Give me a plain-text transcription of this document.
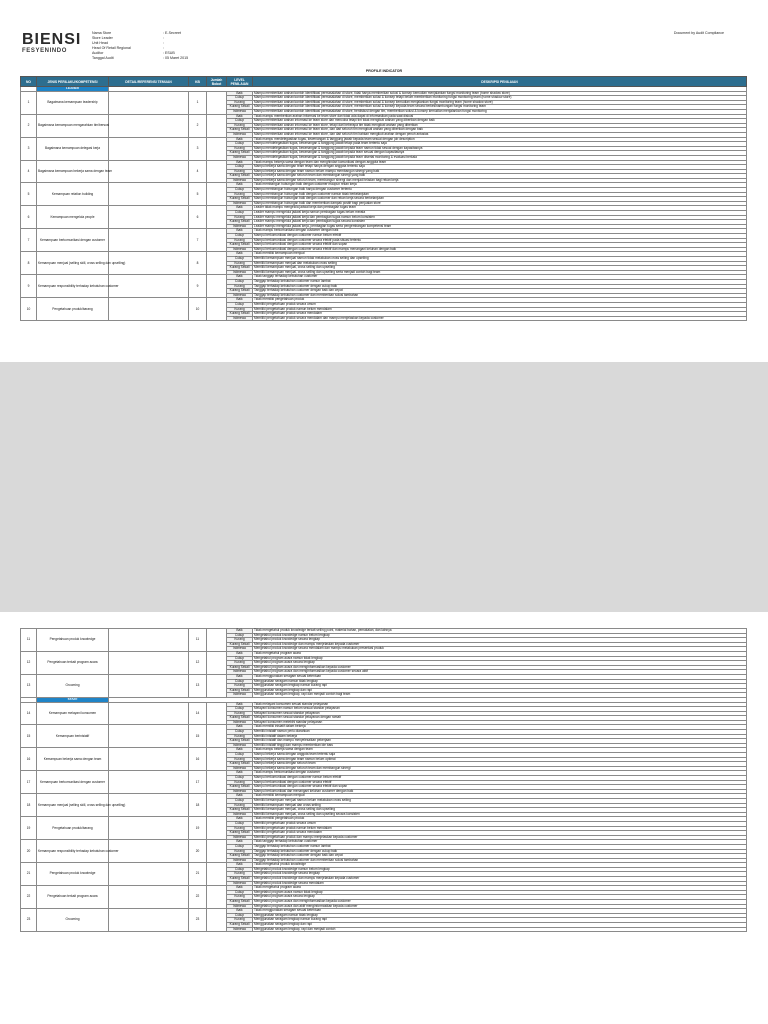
BIENSI
FESYENINDO
Nama Store
Store Leader
Unit Head
Head Of Retail Regional
Auditor
Tanggal Audit
: E-Secreet
:
:
:
: ESUB
: 05 Maret 2015
Document by Audit Compliance
PROFILE INDICATOR
NO	JENIS PERILAKU/KOMPETENSI	DETAIL/REFERENSI TEMUAN	KB	Jumlah Bobot	LEVEL PENILAIAN	DESKRIPSI PENILAIAN
	LEADER					
1	Bagaimana kemampuan leadership		1		Baik	Mampu memberikan arahan/contoh identifikasi permasalahan di store, tidak hanya memberikan solusi & konsep kemudian menjalankan fungsi monitoring team (home shadow store)
					Cukup	Mampu memberikan arahan/contoh identifikasi permasalahan di store, memberikan solusi & konsep tetapi belum memberikan monitoring fungsi monitoring team (home shadow store)
					Kurang	Mampu memberikan arahan/contoh identifikasi permasalahan di store, memberikan solusi & konsep kemudian menjalankan fungsi monitoring team (home shadow store)
					Kurang Sekali	Mampu memberikan arahan/contoh identifikasi permasalahan di store, memberikan solusi & konsep kepada team secara berkesinambungan fungsi monitoring team
					Istimewa	Mampu memberikan arahan/contoh identifikasi permasalahan di store, berdiskusi dengan tim, memberikan solusi & konsep kemudian menjalankan fungsi monitoring
2	Bagaimana kemampuan mengarahkan tim/bersosi		2		Baik	Tidak mampu memberikan arahan informasi ke team store dan tidak ada dapat di informasikan pada saat diskusi
					Cukup	Mampu memberikan arahan informasi ke team store dan mencoba tetapi tim tidak mengikuti arahan yang diberikan dengan baik
					Kurang	Mampu memberikan arahan informasi ke team store, tetapi dari beberapa tim tidak mengikuti arahan yang diberikan
					Kurang Sekali	Mampu memberikan arahan informasi ke team store, dan dari seluruh tim mengikuti arahan yang diberikan dengan baik
					Istimewa	Mampu memberikan arahan informasi ke team store, dan dari seluruh tim bahkan mengikuti arahan dengan penuh antusias
3	Bagaimana kemampuan delegasi kerja		3		Baik	Tidak mampu mendelegasikan tugas, kewenangan & tanggung jawab kepada team sesuai dengan job description
					Cukup	Mampu mendelegasikan tugas, kewenangan & tanggung jawab tetapi pada team tertentu saja
					Kurang	Mampu mendelegasikan tugas, kewenangan & tanggung jawab kepada team namun tidak sesuai dengan kapasitasnya
					Kurang Sekali	Mampu mendelegasikan tugas, kewenangan & tanggung jawab kepada team sesuai dengan kapasitasnya
					Istimewa	Mampu mendelegasikan tugas, kewenangan & tanggung jawab kepada team disertai monitoring & evaluasi berkala
4	Bagaimana kemampuan bekerja sama dengan team		4		Baik	Tidak mampu bekerja sama dengan team dan menghindari komunikasi dengan anggota team
					Cukup	Mampu bekerja sama dengan team tetapi hanya dengan anggota tertentu saja
					Kurang	Mampu bekerja sama dengan team namun belum mampu membangun sinergi yang baik
					Kurang Sekali	Mampu bekerja sama dengan seluruh team dan membangun sinergi yang baik
					Istimewa	Mampu bekerja sama dengan seluruh team, membangun sinergi dan menjadi teladan bagi rekan kerja
5	Kemampuan relation building		5		Baik	Tidak membangun hubungan baik dengan customer maupun rekan kerja
					Cukup	Mampu membangun hubungan baik hanya dengan customer tertentu
					Kurang	Mampu membangun hubungan baik dengan customer namun tidak berkelanjutan
					Kurang Sekali	Mampu membangun hubungan baik dengan customer dan rekan kerja secara berkelanjutan
					Istimewa	Mampu membangun hubungan baik dan memberikan dampak positif bagi penjualan store
6	Kemampuan mengelola people		6		Baik	Leader tidak mampu mengelola jadwal kerja dan pembagian tugas team
					Cukup	Leader mampu mengelola jadwal kerja namun pembagian tugas belum merata
					Kurang	Leader mampu mengelola jadwal kerja dan pembagian tugas namun belum konsisten
					Kurang Sekali	Leader mampu mengelola jadwal kerja dan pembagian tugas secara konsisten
					Istimewa	Leader mampu mengelola jadwal kerja, pembagian tugas serta pengembangan kompetensi team
7	Kemampuan berkomunikasi dengan customer		7		Baik	Tidak mampu berkomunikasi dengan customer dengan baik
					Cukup	Mampu berkomunikasi dengan customer namun belum efektif
					Kurang	Mampu berkomunikasi dengan customer secara efektif pada situasi tertentu
					Kurang Sekali	Mampu berkomunikasi dengan customer secara efektif dan sopan
					Istimewa	Mampu berkomunikasi dengan customer secara efektif dan mampu menangani keluhan dengan baik
8	Kemampuan menjual (selling skill, cross selling dan upselling)		8		Baik	Tidak memiliki kemampuan menjual
					Cukup	Memiliki kemampuan menjual namun tidak melakukan cross selling dan upselling
					Kurang	Memiliki kemampuan menjual dan melakukan cross selling
					Kurang Sekali	Memiliki kemampuan menjual, cross selling dan upselling
					Istimewa	Memiliki kemampuan menjual, cross selling dan upselling serta menjadi contoh bagi team
9	Kemampuan responsibility terhadap kebutuhan customer		9		Baik	Tidak tanggap terhadap kebutuhan customer
					Cukup	Tanggap terhadap kebutuhan customer namun lambat
					Kurang	Tanggap terhadap kebutuhan customer dengan cukup baik
					Kurang Sekali	Tanggap terhadap kebutuhan customer dengan baik dan cepat
					Istimewa	Tanggap terhadap kebutuhan customer dan memberikan solusi tambahan
10	Pengetahuan produk/barang		10		Baik	Tidak memiliki pengetahuan produk
					Cukup	Memiliki pengetahuan produk secara umum
					Kurang	Memiliki pengetahuan produk namun belum mendalam
					Kurang Sekali	Memiliki pengetahuan produk secara mendalam
					Istimewa	Memiliki pengetahuan produk secara mendalam dan mampu menjelaskan kepada customer
11	Pengetahuan produk knowledge		11		Baik	Tidak mengetahui produk knowledge terkait selling point, material bahan, pemakaian, dan lainnya
					Cukup	Mengetahui produk knowledge namun belum lengkap
					Kurang	Mengetahui produk knowledge secara lengkap
					Kurang Sekali	Mengetahui produk knowledge dan mampu menjelaskan kepada customer
					Istimewa	Mengetahui produk knowledge secara mendalam dan mampu melakukan presentasi produk
12	Pengetahuan terkait program acara		12		Baik	Tidak mengetahui program acara
					Cukup	Mengetahui program acara namun tidak lengkap
					Kurang	Mengetahui program acara secara lengkap
					Kurang Sekali	Mengetahui program acara dan menginformasikan kepada customer
					Istimewa	Mengetahui program acara dan menginformasikan kepada customer secara aktif
13	Grooming		13		Baik	Tidak menggunakan seragam sesuai ketentuan
					Cukup	Menggunakan seragam namun tidak lengkap
					Kurang	Menggunakan seragam lengkap namun kurang rapi
					Kurang Sekali	Menggunakan seragam lengkap dan rapi
					Istimewa	Menggunakan seragam lengkap, rapi dan menjadi contoh bagi team
	STAFF					
14	Kemampuan melayani konsumen		14		Baik	Tidak melayani konsumen sesuai standar pelayanan
					Cukup	Melayani konsumen namun belum sesuai standar pelayanan
					Kurang	Melayani konsumen sesuai standar pelayanan
					Kurang Sekali	Melayani konsumen sesuai standar pelayanan dengan ramah
					Istimewa	Melayani konsumen melebihi standar pelayanan
15	Kemampuan berinisiatif		15		Baik	Tidak memiliki inisiatif dalam bekerja
					Cukup	Memiliki inisiatif namun perlu diarahkan
					Kurang	Memiliki inisiatif dalam bekerja
					Kurang Sekali	Memiliki inisiatif dan mampu menyelesaikan pekerjaan
					Istimewa	Memiliki inisiatif tinggi dan mampu memberikan ide baru
16	Kemampuan bekerja sama dengan team		16		Baik	Tidak mampu bekerja sama dengan team
					Cukup	Mampu bekerja sama dengan anggota team tertentu saja
					Kurang	Mampu bekerja sama dengan team namun belum optimal
					Kurang Sekali	Mampu bekerja sama dengan seluruh team
					Istimewa	Mampu bekerja sama dengan seluruh team dan membangun sinergi
17	Kemampuan berkomunikasi dengan customer		17		Baik	Tidak mampu berkomunikasi dengan customer
					Cukup	Mampu berkomunikasi dengan customer namun belum efektif
					Kurang	Mampu berkomunikasi dengan customer secara efektif
					Kurang Sekali	Mampu berkomunikasi dengan customer secara efektif dan sopan
					Istimewa	Mampu berkomunikasi dan menangani keluhan customer dengan baik
18	Kemampuan menjual (selling skill, cross selling dan upselling)		18		Baik	Tidak memiliki kemampuan menjual
					Cukup	Memiliki kemampuan menjual namun belum melakukan cross selling
					Kurang	Memiliki kemampuan menjual dan cross selling
					Kurang Sekali	Memiliki kemampuan menjual, cross selling dan upselling
					Istimewa	Memiliki kemampuan menjual, cross selling dan upselling secara konsisten
19	Pengetahuan produk/barang		19		Baik	Tidak memiliki pengetahuan produk
					Cukup	Memiliki pengetahuan produk secara umum
					Kurang	Memiliki pengetahuan produk namun belum mendalam
					Kurang Sekali	Memiliki pengetahuan produk secara mendalam
					Istimewa	Memiliki pengetahuan produk dan mampu menjelaskan kepada customer
20	Kemampuan responsibility terhadap kebutuhan customer		20		Baik	Tidak tanggap terhadap kebutuhan customer
					Cukup	Tanggap terhadap kebutuhan customer namun lambat
					Kurang	Tanggap terhadap kebutuhan customer dengan cukup baik
					Kurang Sekali	Tanggap terhadap kebutuhan customer dengan baik dan cepat
					Istimewa	Tanggap terhadap kebutuhan customer dan memberikan solusi tambahan
21	Pengetahuan produk knowledge		21		Baik	Tidak mengetahui produk knowledge
					Cukup	Mengetahui produk knowledge namun belum lengkap
					Kurang	Mengetahui produk knowledge secara lengkap
					Kurang Sekali	Mengetahui produk knowledge dan mampu menjelaskan kepada customer
					Istimewa	Mengetahui produk knowledge secara mendalam
22	Pengetahuan terkait program acara		22		Baik	Tidak mengetahui program acara
					Cukup	Mengetahui program acara namun tidak lengkap
					Kurang	Mengetahui program acara secara lengkap
					Kurang Sekali	Mengetahui program acara dan menginformasikan kepada customer
					Istimewa	Mengetahui program acara dan aktif menginformasikan kepada customer
23	Grooming		23		Baik	Tidak menggunakan seragam sesuai ketentuan
					Cukup	Menggunakan seragam namun tidak lengkap
					Kurang	Menggunakan seragam lengkap namun kurang rapi
					Kurang Sekali	Menggunakan seragam lengkap dan rapi
					Istimewa	Menggunakan seragam lengkap, rapi dan menjadi contoh
